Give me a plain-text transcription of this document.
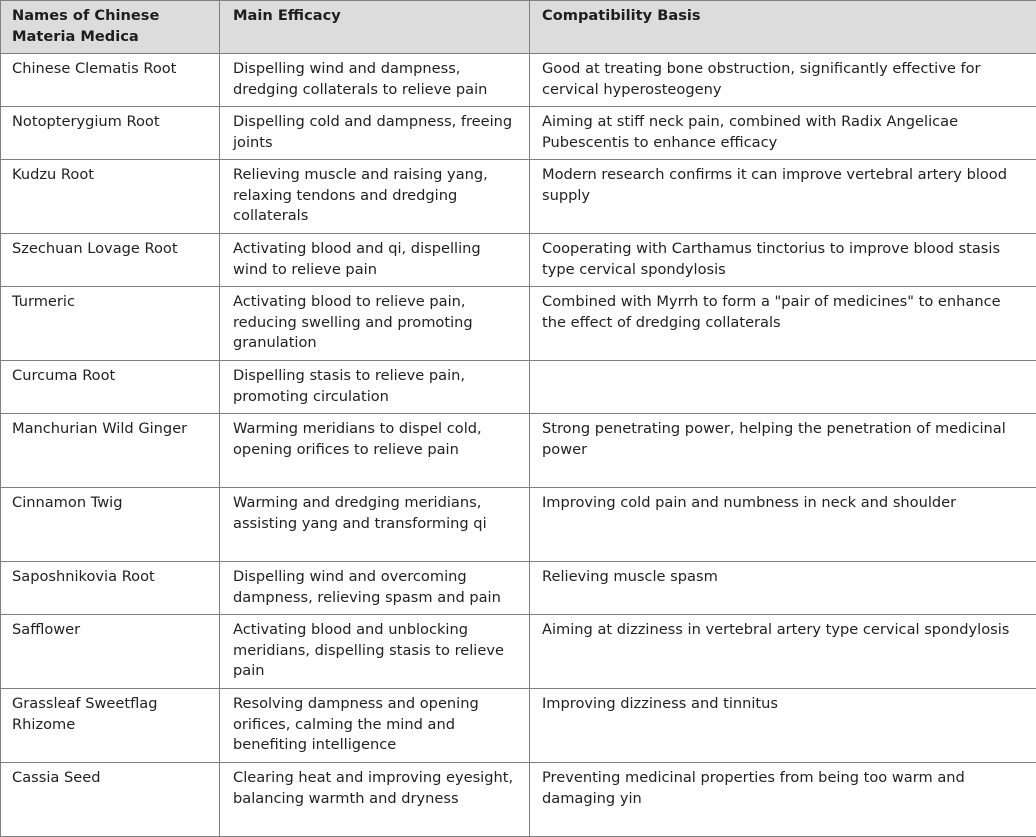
Names of Chinese Materia Medica	Main Efficacy	Compatibility Basis
Chinese Clematis Root	Dispelling wind and dampness, dredging collaterals to relieve pain	Good at treating bone obstruction, significantly effective for cervical hyperosteogeny
Notopterygium Root	Dispelling cold and dampness, freeing joints	Aiming at stiff neck pain, combined with Radix Angelicae Pubescentis to enhance efficacy
Kudzu Root	Relieving muscle and raising yang, relaxing tendons and dredging collaterals	Modern research confirms it can improve vertebral artery blood supply
Szechuan Lovage Root	Activating blood and qi, dispelling wind to relieve pain	Cooperating with Carthamus tinctorius to improve blood stasis type cervical spondylosis
Turmeric	Activating blood to relieve pain, reducing swelling and promoting granulation	Combined with Myrrh to form a "pair of medicines" to enhance the effect of dredging collaterals
Curcuma Root	Dispelling stasis to relieve pain, promoting circulation	
Manchurian Wild Ginger	Warming meridians to dispel cold, opening orifices to relieve pain	Strong penetrating power, helping the penetration of medicinal power
Cinnamon Twig	Warming and dredging meridians, assisting yang and transforming qi	Improving cold pain and numbness in neck and shoulder
Saposhnikovia Root	Dispelling wind and overcoming dampness, relieving spasm and pain	Relieving muscle spasm
Safflower	Activating blood and unblocking meridians, dispelling stasis to relieve pain	Aiming at dizziness in vertebral artery type cervical spondylosis
Grassleaf Sweetflag Rhizome	Resolving dampness and opening orifices, calming the mind and benefiting intelligence	Improving dizziness and tinnitus
Cassia Seed	Clearing heat and improving eyesight, balancing warmth and dryness	Preventing medicinal properties from being too warm and damaging yin
